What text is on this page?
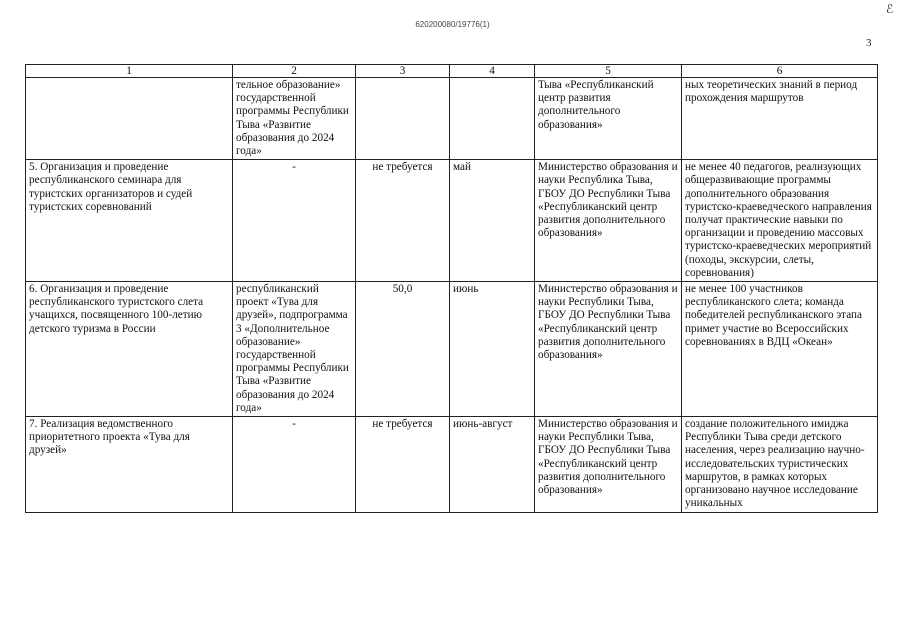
ℰ
620200080/19776(1)
3
1	2	3	4	5	6
	тельное образование» государственной программы Республики Тыва «Развитие образования до 2024 года»			Тыва «Республиканский центр развития дополнительного образования»	ных теоретических знаний в период прохождения маршрутов
5. Организация и проведение республиканского семинара для туристских организаторов и судей туристских соревнований	-	не требуется	май	Министерство образования и науки Республика Тыва, ГБОУ ДО Республики Тыва «Республиканский центр развития дополнительного образования»	не менее 40 педагогов, реализующих общеразвивающие программы дополнительного образования туристско-краеведческого направления получат практические навыки по организации и проведению массовых туристско-краеведческих мероприятий (походы, экскурсии, слеты, соревнования)
6. Организация и проведение республиканского туристского слета учащихся, посвященного 100-летию детского туризма в России	республиканский проект «Тува для друзей», подпрограмма 3 «Дополнительное образование» государственной программы Республики Тыва «Развитие образования до 2024 года»	50,0	июнь	Министерство образования и науки Республики Тыва, ГБОУ ДО Республики Тыва «Республиканский центр развития дополнительного образования»	не менее 100 участников республиканского слета; команда победителей республиканского этапа примет участие во Всероссийских соревнованиях в ВДЦ «Океан»
7. Реализация ведомственного приоритетного проекта «Тува для друзей»	-	не требуется	июнь-август	Министерство образования и науки Республики Тыва, ГБОУ ДО Республики Тыва «Республиканский центр развития дополнительного образования»	создание положительного имиджа Республики Тыва среди детского населения, через реализацию научно-исследовательских туристических маршрутов, в рамках которых организовано научное исследование уникальных
